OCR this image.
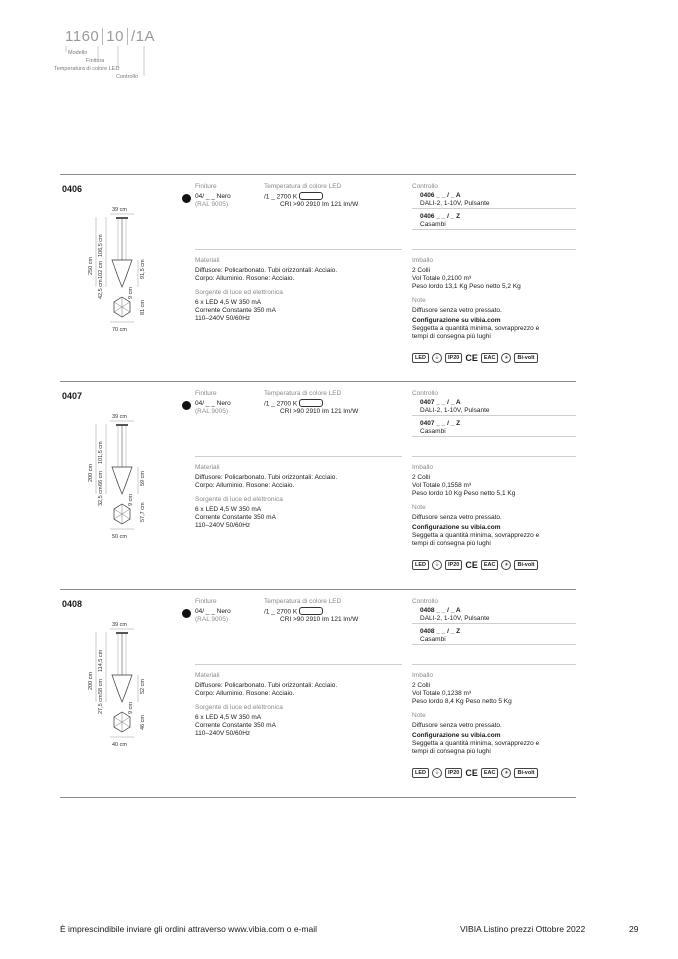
1160 10 /1A
Modello
Finitura
Temperatura di colore LED
Controllo
0406
39 cm
250 cm
106,5 cm
102 cm
42,5 cm
91,5 cm
9 cm
81 cm
70 cm
Finiture
04/ _ _ Nero
(RAL 9005)
Temperatura di colore LED
/1 _ 2700 K
CRI >90 2910 lm 121 lm/W
Controllo
0406 _ _ / _ A
DALI-2, 1-10V, Pulsante
0406 _ _ / _ Z
Casambi
Materiali
Diffusore: Policarbonato. Tubi orizzontali: Acciaio.
Corpo: Alluminio. Rosone: Acciaio.
Sorgente di luce ed elettronica
6 x LED 4,5 W 350 mA
Corrente Constante 350 mA
110–240V 50/60Hz
Imballo
2 Colli
Vol Totale 0,2100 m³
Peso lordo 13,1 Kg Peso netto 5,2 Kg
Note
Diffusore senza vetro pressato.
Configurazione su vibia.com
Seggetta a quantità minima, sovrapprezzo e
tempi di consegna più lughi
LED	⏚	IP20 CE	EAC	☀	Bi-volt
0407
39 cm
200 cm
101,5 cm
66 cm
32,5 cm
59 cm
9 cm
57,7 cm
50 cm
Finiture
04/ _ _ Nero
(RAL 9005)
Temperatura di colore LED
/1 _ 2700 K
CRI >90 2910 lm 121 lm/W
Controllo
0407 _ _ / _ A
DALI-2, 1-10V, Pulsante
0407 _ _ / _ Z
Casambi
Materiali
Diffusore: Policarbonato. Tubi orizzontali: Acciaio.
Corpo: Alluminio. Rosone: Acciaio.
Sorgente di luce ed elettronica
6 x LED 4,5 W 350 mA
Corrente Constante 350 mA
110–240V 50/60Hz
Imballo
2 Colli
Vol Totale 0,1558 m³
Peso lordo 10 Kg Peso netto 5,1 Kg
Note
Diffusore senza vetro pressato.
Configurazione su vibia.com
Seggetta a quantità minima, sovrapprezzo e
tempi di consegna più lughi
LED	⏚	IP20 CE	EAC	☀	Bi-volt
0408
39 cm
200 cm
114,5 cm
58 cm
27,5 cm
52 cm
9 cm
46 cm
40 cm
Finiture
04/ _ _ Nero
(RAL 9005)
Temperatura di colore LED
/1 _ 2700 K
CRI >90 2910 lm 121 lm/W
Controllo
0408 _ _ / _ A
DALI-2, 1-10V, Pulsante
0408 _ _ / _ Z
Casambi
Materiali
Diffusore: Policarbonato. Tubi orizzontali: Acciaio.
Corpo: Alluminio. Rosone: Acciaio.
Sorgente di luce ed elettronica
6 x LED 4,5 W 350 mA
Corrente Constante 350 mA
110–240V 50/60Hz
Imballo
2 Colli
Vol Totale 0,1238 m³
Peso lordo 8,4 Kg Peso netto 5 Kg
Note
Diffusore senza vetro pressato.
Configurazione su vibia.com
Seggetta a quantità minima, sovrapprezzo e
tempi di consegna più lughi
LED	⏚	IP20 CE	EAC	☀	Bi-volt
È imprescindibile inviare gli ordini attraverso www.vibia.com o e-mail	VIBIA Listino prezzi Ottobre 2022	29
